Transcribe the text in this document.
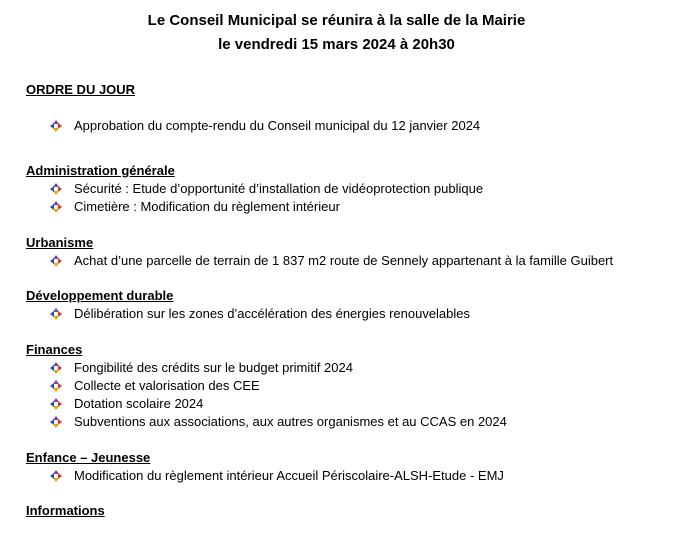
Le Conseil Municipal se réunira à la salle de la Mairie
le vendredi 15 mars 2024 à 20h30
ORDRE DU JOUR
Approbation du compte-rendu du Conseil municipal du 12 janvier 2024
Administration générale
Sécurité : Etude d’opportunité d’installation de vidéoprotection publique
Cimetière : Modification du règlement intérieur
Urbanisme
Achat d’une parcelle de terrain de 1 837 m2 route de Sennely appartenant à la famille Guibert
Développement durable
Délibération sur les zones d’accélération des énergies renouvelables
Finances
Fongibilité des crédits sur le budget primitif 2024
Collecte et valorisation des CEE
Dotation scolaire 2024
Subventions aux associations, aux autres organismes et au CCAS en 2024
Enfance – Jeunesse
Modification du règlement intérieur Accueil Périscolaire-ALSH-Etude - EMJ
Informations
